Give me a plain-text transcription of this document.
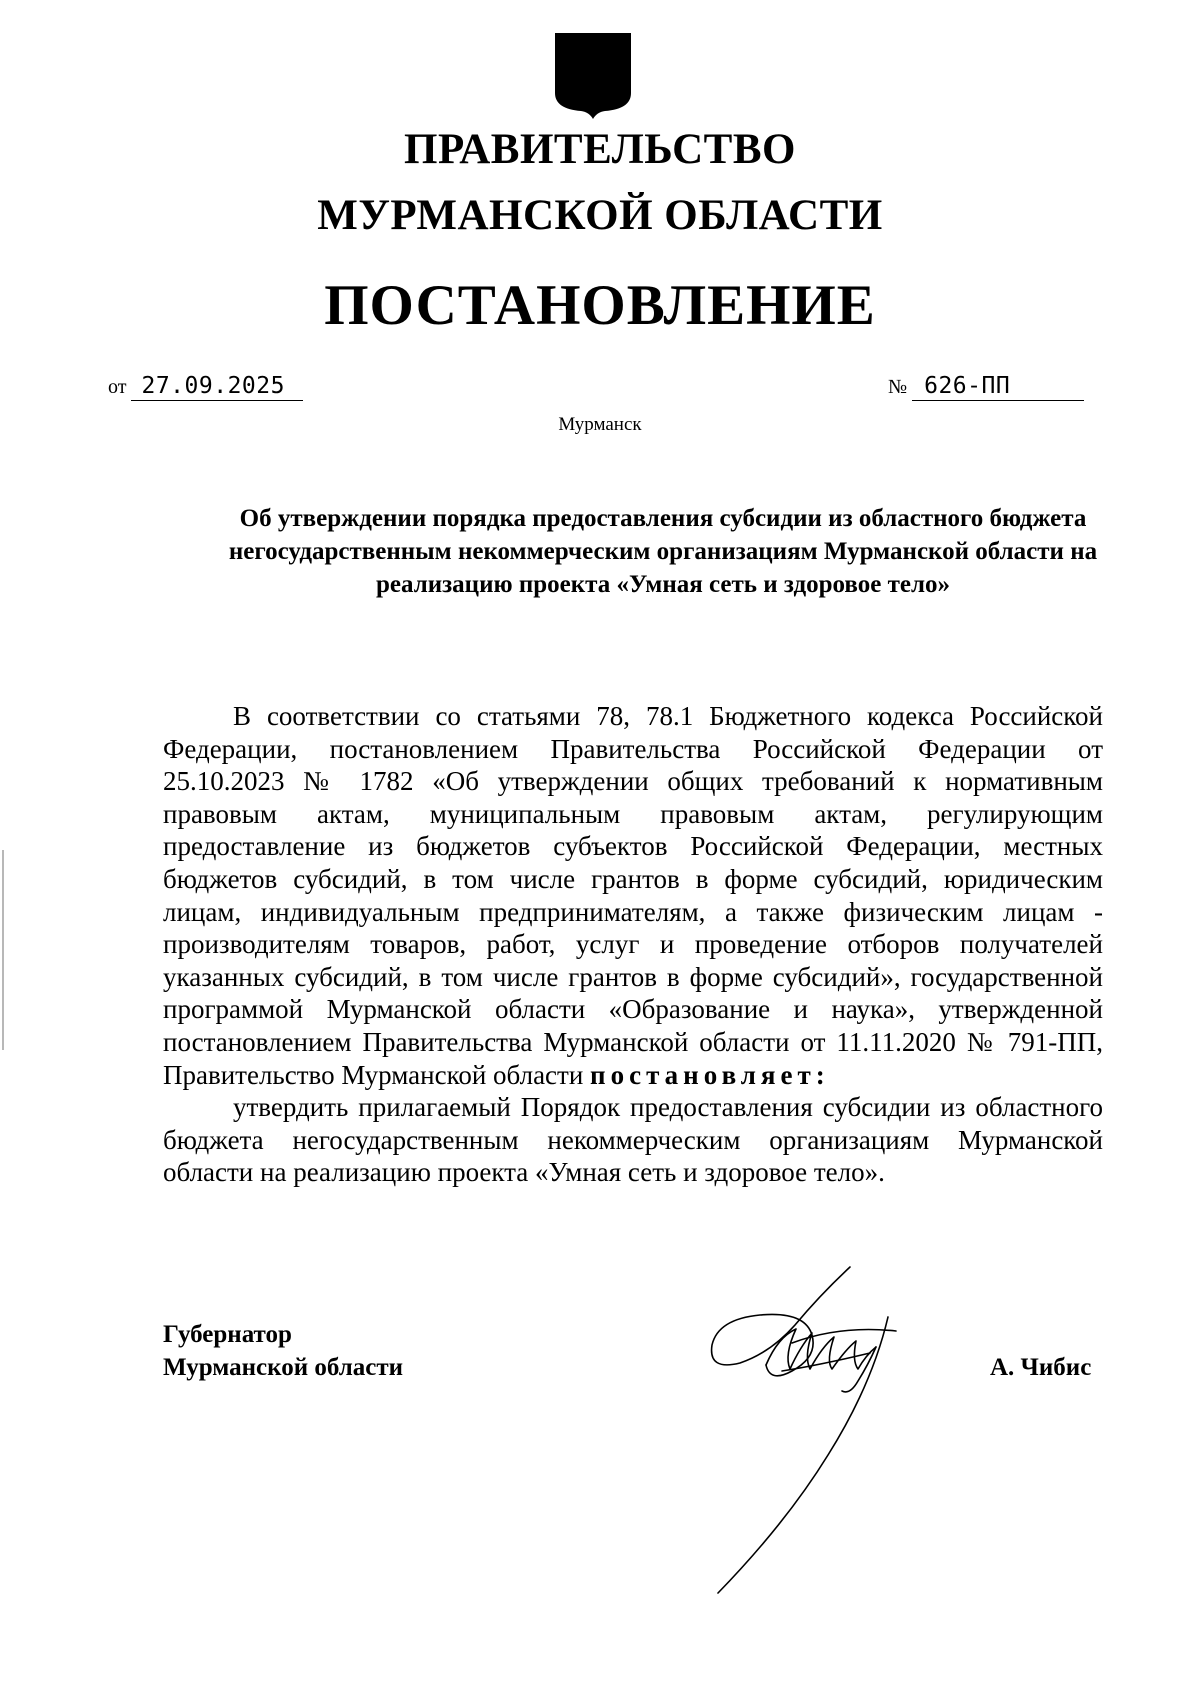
ПРАВИТЕЛЬСТВО
МУРМАНСКОЙ ОБЛАСТИ
ПОСТАНОВЛЕНИЕ
от 27.09.2025	№ 626-ПП
Мурманск
Об утверждении порядка предоставления субсидии из областного бюджета негосударственным некоммерческим организациям Мурманской области на реализацию проекта «Умная сеть и здоровое тело»

В соответствии со статьями 78, 78.1 Бюджетного кодекса Российской Федерации, постановлением Правительства Российской Федерации от 25.10.2023 № 1782 «Об утверждении общих требований к нормативным правовым актам, муниципальным правовым актам, регулирующим предоставление из бюджетов субъектов Российской Федерации, местных бюджетов субсидий, в том числе грантов в форме субсидий, юридическим лицам, индивидуальным предпринимателям, а также физическим лицам - производителям товаров, работ, услуг и проведение отборов получателей указанных субсидий, в том числе грантов в форме субсидий», государственной программой Мурманской области «Образование и наука», утвержденной постановлением Правительства Мурманской области от 11.11.2020 № 791-ПП, Правительство Мурманской области постановляет:

утвердить прилагаемый Порядок предоставления субсидии из областного бюджета негосударственным некоммерческим организациям Мурманской области на реализацию проекта «Умная сеть и здоровое тело».

Губернатор
Мурманской области	А. Чибис
